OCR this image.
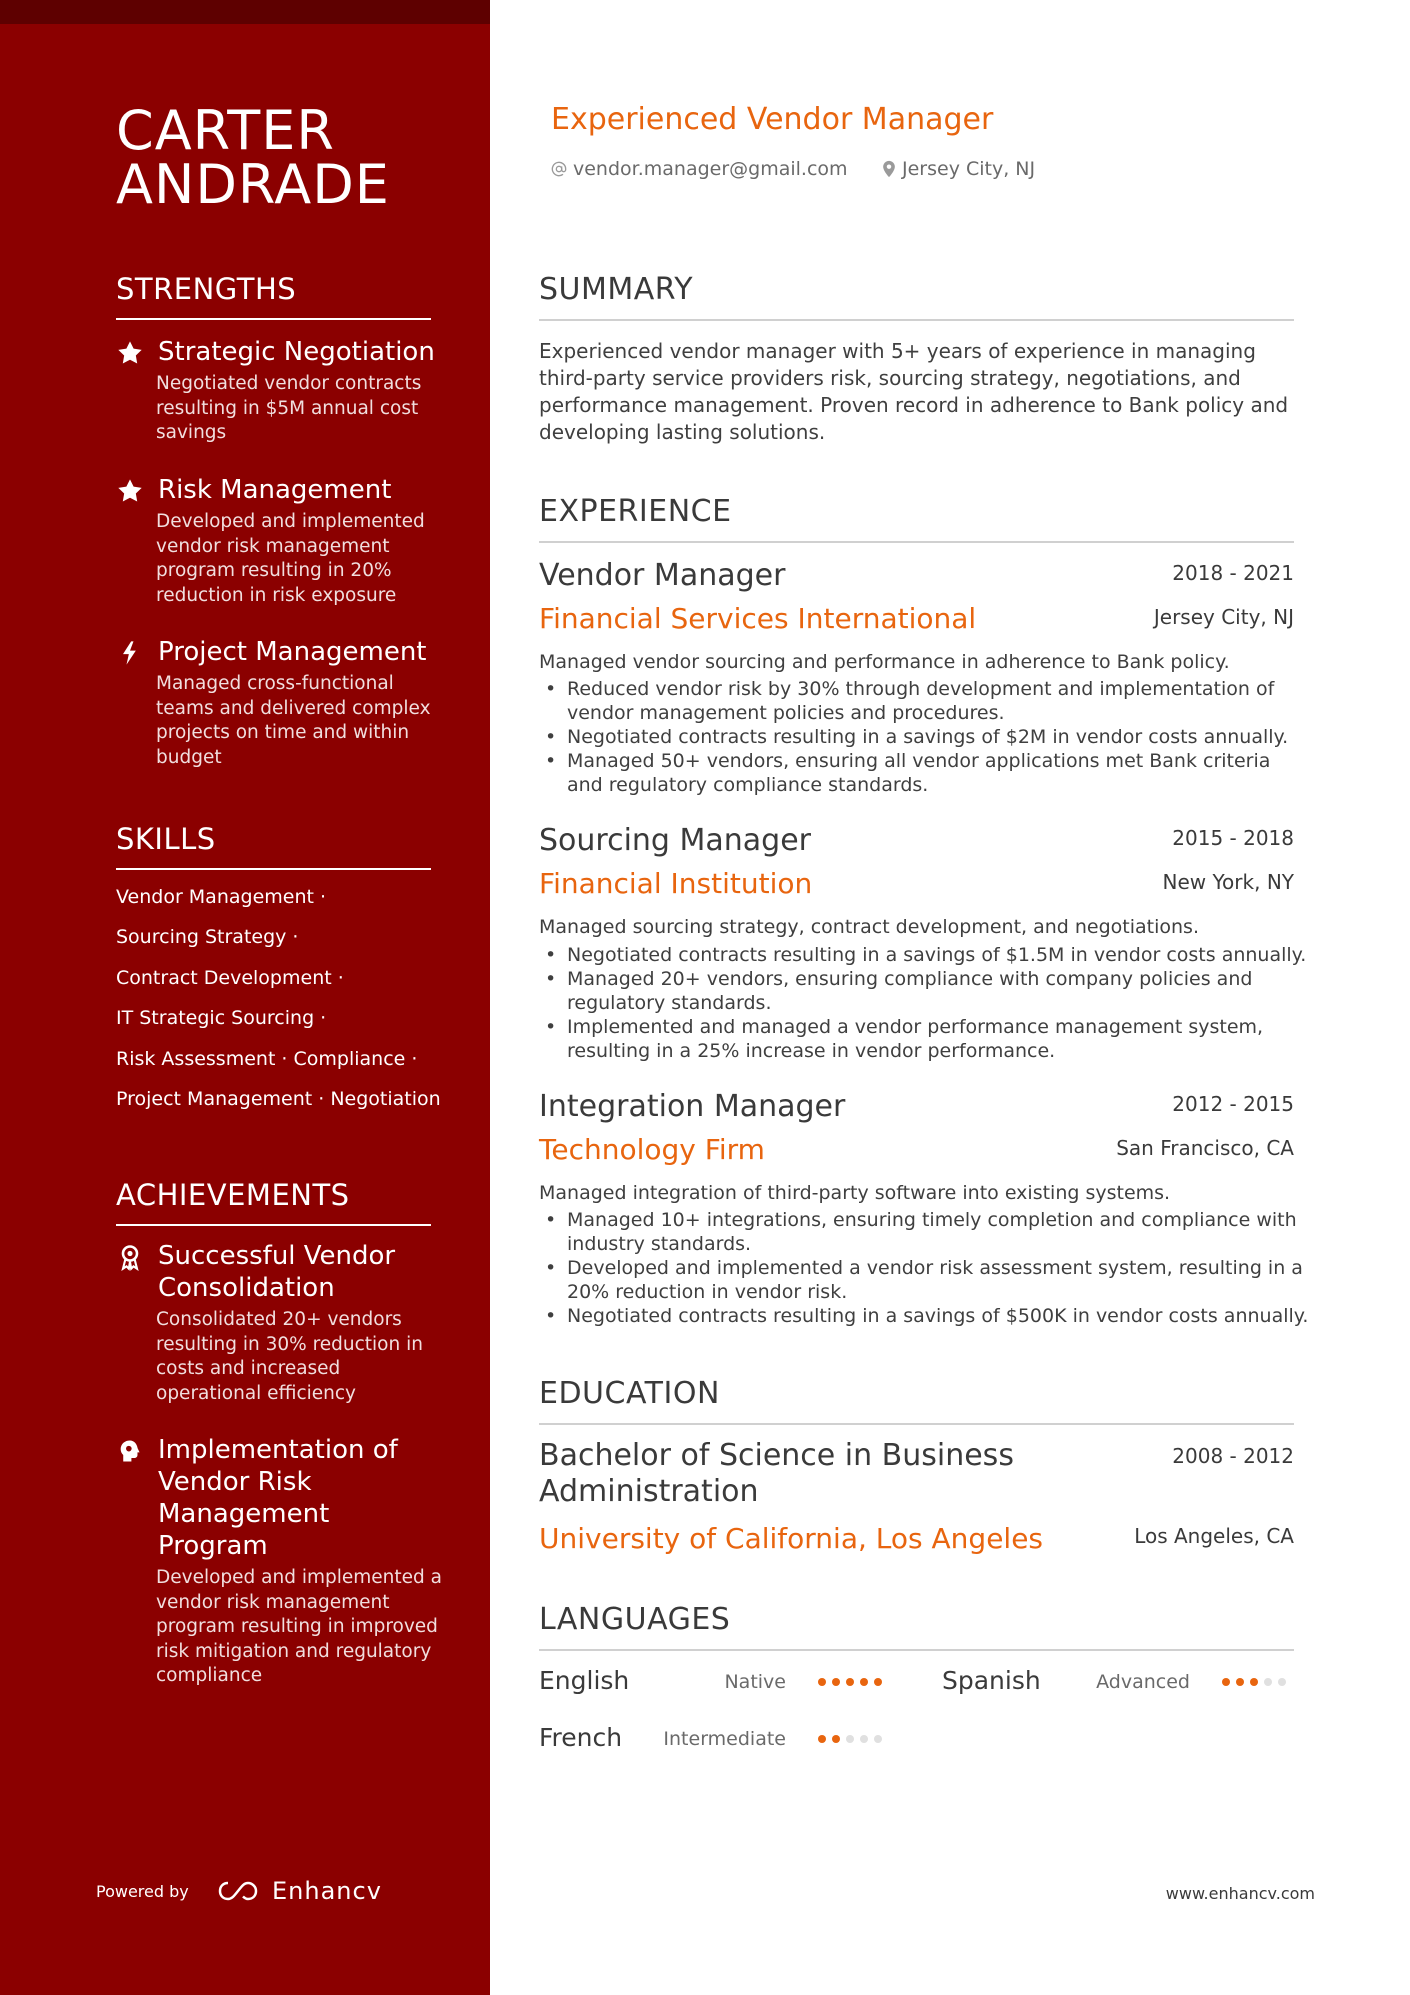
CARTER
ANDRADE
STRENGTHS
Strategic Negotiation
Negotiated vendor contracts resulting in $5M annual cost savings
Risk Management
Developed and implemented vendor risk management program resulting in 20% reduction in risk exposure
Project Management
Managed cross-functional teams and delivered complex projects on time and within budget
SKILLS
Vendor Management ·
Sourcing Strategy ·
Contract Development ·
IT Strategic Sourcing ·
Risk Assessment · Compliance ·
Project Management · Negotiation
ACHIEVEMENTS
Successful Vendor Consolidation
Consolidated 20+ vendors resulting in 30% reduction in costs and increased operational efficiency
Implementation of Vendor Risk Management Program
Developed and implemented a vendor risk management program resulting in improved risk mitigation and regulatory compliance
Powered by	Enhancv
Experienced Vendor Manager
vendor.manager@gmail.com	Jersey City, NJ
SUMMARY
Experienced vendor manager with 5+ years of experience in managing third-party service providers risk, sourcing strategy, negotiations, and performance management. Proven record in adherence to Bank policy and developing lasting solutions.
EXPERIENCE
Vendor Manager	2018 - 2021
Financial Services International	Jersey City, NJ
Managed vendor sourcing and performance in adherence to Bank policy.
• Reduced vendor risk by 30% through development and implementation of vendor management policies and procedures.
• Negotiated contracts resulting in a savings of $2M in vendor costs annually.
• Managed 50+ vendors, ensuring all vendor applications met Bank criteria and regulatory compliance standards.
Sourcing Manager	2015 - 2018
Financial Institution	New York, NY
Managed sourcing strategy, contract development, and negotiations.
• Negotiated contracts resulting in a savings of $1.5M in vendor costs annually.
• Managed 20+ vendors, ensuring compliance with company policies and regulatory standards.
• Implemented and managed a vendor performance management system, resulting in a 25% increase in vendor performance.
Integration Manager	2012 - 2015
Technology Firm	San Francisco, CA
Managed integration of third-party software into existing systems.
• Managed 10+ integrations, ensuring timely completion and compliance with industry standards.
• Developed and implemented a vendor risk assessment system, resulting in a 20% reduction in vendor risk.
• Negotiated contracts resulting in a savings of $500K in vendor costs annually.
EDUCATION
Bachelor of Science in Business Administration
2008 - 2012
University of California, Los Angeles	Los Angeles, CA
LANGUAGES
English	Native	Spanish	Advanced
French	Intermediate
www.enhancv.com
